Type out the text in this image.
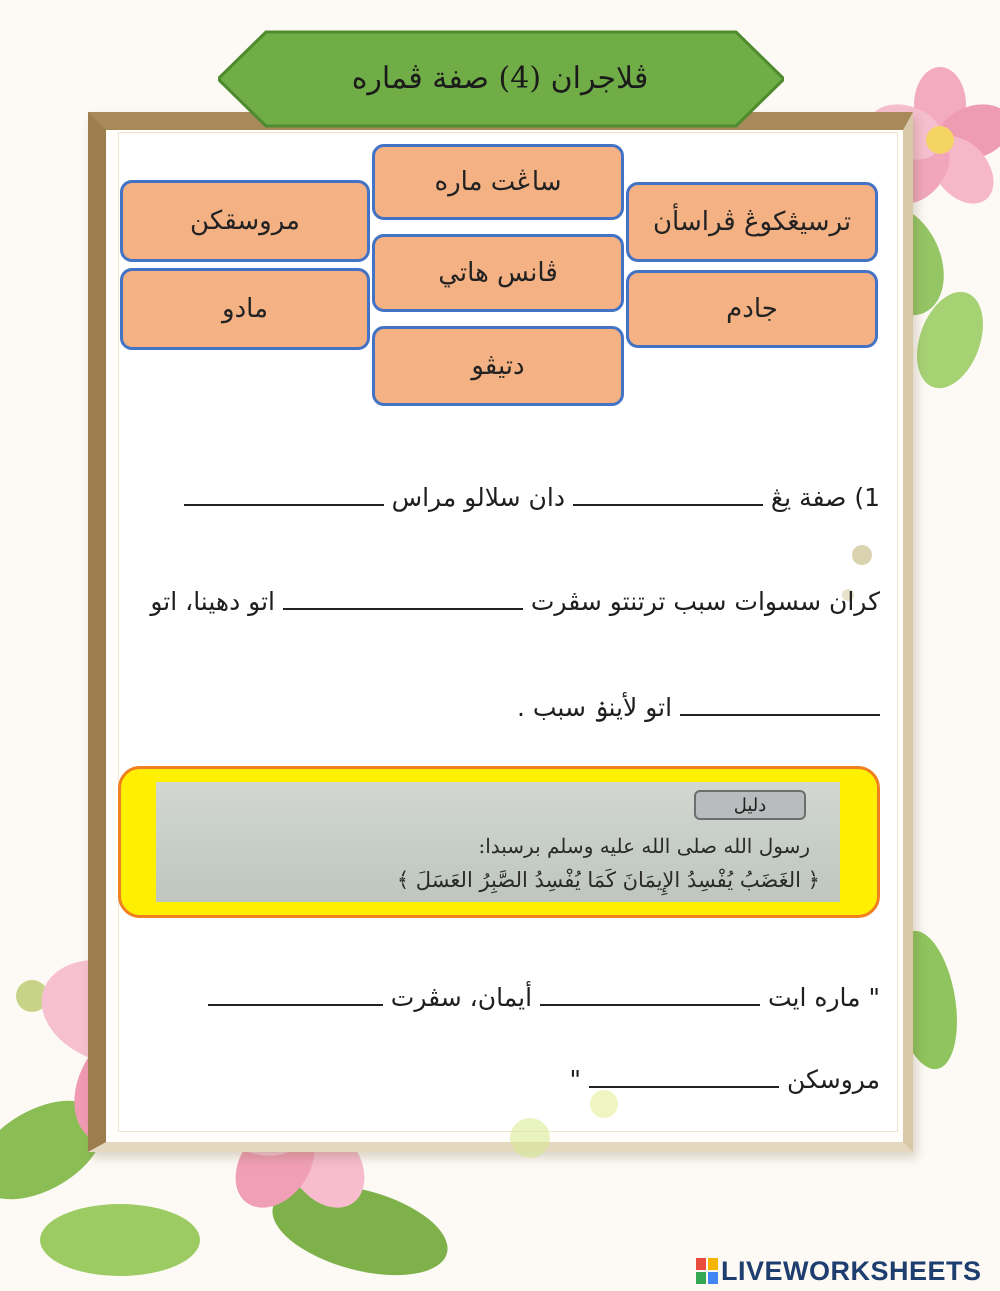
ڤلاجران (4) صفة ڤماره
ساڠت ماره
مروسقكن	ترسيڠكوڠ ڤراسأن
ڤانس هاتي
مادو	جادم
دتيڤو
1) صفة يڠ  دان سلالو مراس
كران سسوات سبب ترتنتو سڤرت  اتو دهينا، اتو
اتو لأينۏ سبب .
دليل
رسول الله صلى الله عليه وسلم برسبدا:
﴿ الغَضَبُ يُفْسِدُ الإِيمَانَ كَمَا يُفْسِدُ الصَّبِرُ العَسَلَ ﴾
" ماره ايت  أيمان، سڤرت
مروسكن  "
LIVEWORKSHEETS
